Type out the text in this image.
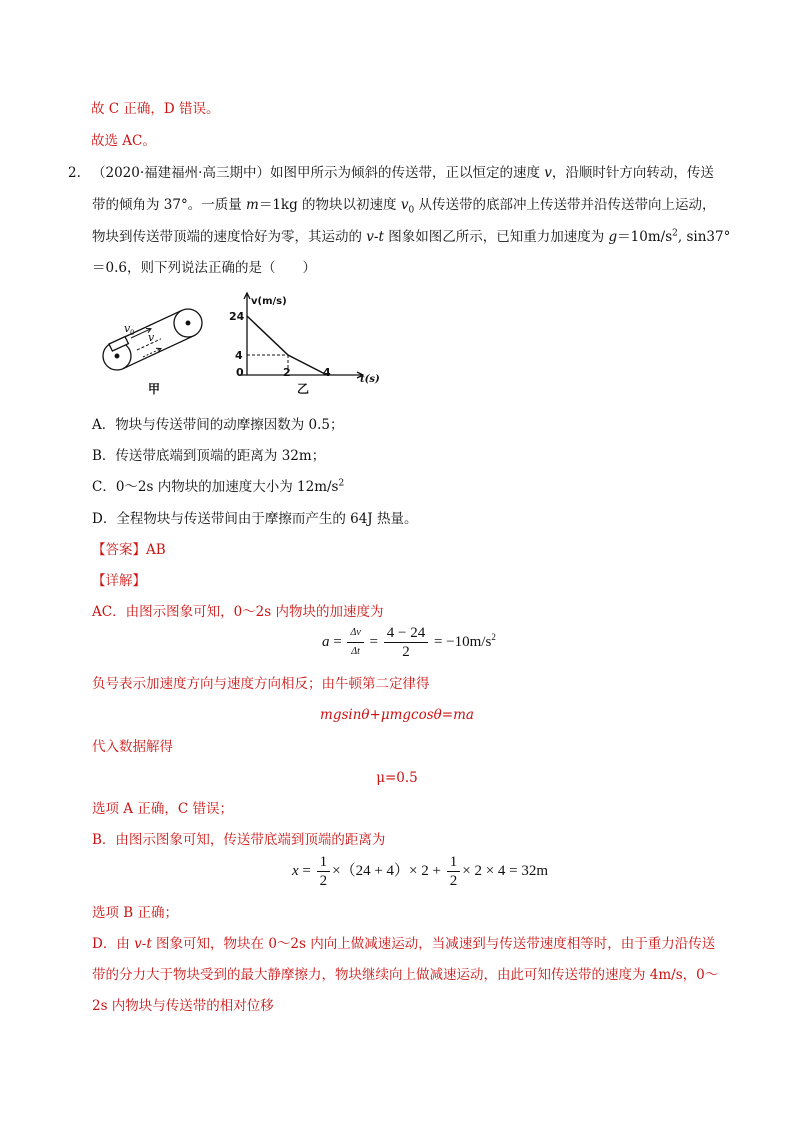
故 C 正确，D 错误。
故选 AC。
2. （2020·福建福州·高三期中）如图甲所示为倾斜的传送带，正以恒定的速度 v，沿顺时针方向转动，传送
带的倾角为 37°。一质量 m＝1kg 的物块以初速度 $v_0$ 从传送带的底部冲上传送带并沿传送带向上运动，
物块到传送带顶端的速度恰好为零，其运动的 v-t 图象如图乙所示，已知重力加速度为 $g=10m/s^2$, sin37°
＝0.6，则下列说法正确的是（　　）
v 0 v
甲
v(m/s)
24
4
0	2	4
t(s)
乙
A．物块与传送带间的动摩擦因数为 0.5；
B．传送带底端到顶端的距离为 32m；
C．0～2s 内物块的加速度大小为 $12m/s^2$
D．全程物块与传送带间由于摩擦而产生的 64J 热量。
【答案】AB
【详解】
AC．由图示图象可知，0～2s 内物块的加速度为
$a = \frac{\Delta v}{\Delta t} = \frac{4 - 24}{2} = -10m/s^2$
负号表示加速度方向与速度方向相反；由牛顿第二定律得
mgsinθ+μmgcosθ=ma
代入数据解得
μ=0.5
选项 A 正确，C 错误；
B．由图示图象可知，传送带底端到顶端的距离为
$x = \frac{1}{2} \times(24 + 4)\times 2 + \frac{1}{2} \times 2 \times 4 = 32m$
选项 B 正确；
D．由 v-t 图象可知，物块在 0～2s 内向上做减速运动，当减速到与传送带速度相等时，由于重力沿传送
带的分力大于物块受到的最大静摩擦力，物块继续向上做减速运动，由此可知传送带的速度为 4m/s，0～
2s 内物块与传送带的相对位移
